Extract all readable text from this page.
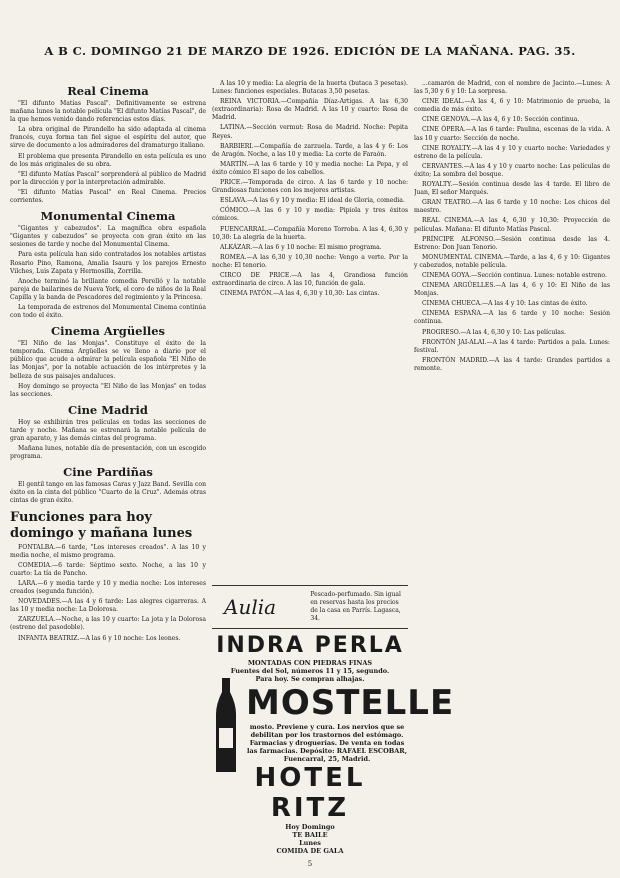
A B C. DOMINGO 21 DE MARZO DE 1926. EDICIÓN DE LA MAÑANA. PAG. 35.
Real Cinema

"El difunto Matías Pascal". Definitivamente se estrena mañana lunes la notable película "El difunto Matías Pascal", de la que hemos venido dando referencias estos días.

La obra original de Pirandello ha sido adaptada al cinema francés, cuya forma tan fiel sigue el espíritu del autor, que sirve de documento a los admiradores del dramaturgo italiano.

El problema que presenta Pirandello en esta película es uno de los más originales de su obra.

"El difunto Matías Pascal" sorprenderá al público de Madrid por la dirección y por la interpretación admirable.

"El difunto Matías Pascal" en Real Cinema. Precios corrientes.

Monumental Cinema

"Gigantes y cabezudos". La magnífica obra española "Gigantes y cabezudos" se proyecta con gran éxito en las sesiones de tarde y noche del Monumental Cinema.

Para esta película han sido contratados los notables artistas Rosario Pino, Ramona, Amalia Isaura y los parejos Ernesto Vilches, Luis Zapata y Hermosilla, Zorrilla.

Anoche terminó la brillante comedia Perelló y la notable pareja de bailarines de Nueva York, el coro de niños de la Real Capilla y la banda de Pescadores del regimiento y la Princesa.

La temporada de estrenos del Monumental Cinema continúa con todo el éxito.

Cinema Argüelles

"El Niño de las Monjas". Constituye el éxito de la temporada. Cinema Argüelles se ve lleno a diario por el público que acude a admirar la película española "El Niño de las Monjas", por la notable actuación de los intérpretes y la belleza de sus paisajes andaluces.

Hoy domingo se proyecta "El Niño de las Monjas" en todas las secciones.

Cine Madrid

Hoy se exhibirán tres películas en todas las secciones de tarde y noche. Mañana se estrenará la notable película de gran aparato, y las demás cintas del programa.

Mañana lunes, notable día de presentación, con un escogido programa.

Cine Pardiñas

El gentil tango en las famosas Caras y Jazz Band. Sevilla con éxito en la cinta del público "Cuarto de la Cruz". Además otras cintas de gran éxito.

Funciones para hoy domingo y mañana lunes

FONTALBA.—6 tarde, "Los intereses creados". A las 10 y media noche, el mismo programa.

COMEDIA.—6 tarde: Séptimo sexto. Noche, a las 10 y cuarto: La tía de Pancho.

LARA.—6 y media tarde y 10 y media noche: Los intereses creados (segunda función).

NOVEDADES.—A las 4 y 6 tarde: Las alegres cigarreras. A las 10 y media noche: La Dolorosa.

ZARZUELA.—Noche, a las 10 y cuarto: La jota y la Dolorosa (estreno del pasodoble).

INFANTA BEATRIZ.—A las 6 y 10 noche: Los leones.

A las 10 y media: La alegría de la huerta (butaca 3 pesetas). Lunes: funciones especiales. Butacas 3,50 pesetas.

REINA VICTORIA.—Compañía Díaz-Artigas. A las 6,30 (extraordinaria): Rosa de Madrid. A las 10 y cuarto: Rosa de Madrid.

LATINA.—Sección vermut: Rosa de Madrid. Noche: Pepita Reyes.

BARBIERI.—Compañía de zarzuela. Tarde, a las 4 y 6: Los de Aragón. Noche, a las 10 y media: La corte de Faraón.

MARTÍN.—A las 6 tarde y 10 y media noche: La Pepa, y el éxito cómico El sapo de los cabellos.

PRICE.—Temporada de circo. A las 6 tarde y 10 noche: Grandiosas funciones con los mejores artistas.

ESLAVA.—A las 6 y 10 y media: El ideal de Gloria, comedia.

CÓMICO.—A las 6 y 10 y media: Pipiola y tres éxitos cómicos.

FUENCARRAL.—Compañía Moreno Torroba. A las 4, 6,30 y 10,30: La alegría de la huerta.

ALKÁZAR.—A las 6 y 10 noche: El mismo programa.

ROMEA.—A las 6,30 y 10,30 noche: Vengo a verte. Por la noche: El tenorio.

CIRCO DE PRICE.—A las 4, Grandiosa función extraordinaria de circo. A las 10, función de gala.

CINEMA PATÓN.—A las 4, 6,30 y 10,30: Las cintas.

Aulia
Pescado-perfumado. Sin igual en reservas hasta los precios de la casa en Parrís. Lagasca, 34.
INDRA PERLA
MONTADAS CON PIEDRAS FINAS
Fuentes del Sol, números 11 y 15, segundo.
Para hoy. Se compran alhajas.
MOSTELLE
mosto. Previene y cura. Los nervios que se debilitan por los trastornos del estómago. Farmacias y droguerías. De venta en todas las farmacias. Depósito: RAFAEL ESCOBAR, Fuencarral, 25, Madrid.
HOTEL RITZ
Hoy Domingo
TE BAILE
Lunes
COMIDA DE GALA

...camarón de Madrid, con el nombre de Jacinto.—Lunes: A las 5,30 y 6 y 10: La sorpresa.

CINE IDEAL.—A las 4, 6 y 10: Matrimonio de prueba, la comedia de más éxito.

CINE GENOVA.—A las 4, 6 y 10: Sección continua.

CINE ÓPERA.—A las 6 tarde: Paulina, escenas de la vida. A las 10 y cuarto: Sección de noche.

CINE ROYALTY.—A las 4 y 10 y cuarto noche: Variedades y estreno de la película.

CERVANTES.—A las 4 y 10 y cuarto noche: Las películas de éxito; La sombra del bosque.

ROYALTY.—Sesión continua desde las 4 tarde. El libro de Juan, El señor Marqués.

GRAN TEATRO.—A las 6 tarde y 10 noche: Los chicos del maestro.

REAL CINEMA.—A las 4, 6,30 y 10,30: Proyección de películas. Mañana: El difunto Matías Pascal.

PRÍNCIPE ALFONSO.—Sesión continua desde las 4. Estreno: Don Juan Tenorio.

MONUMENTAL CINEMA.—Tarde, a las 4, 6 y 10: Gigantes y cabezudos, notable película.

CINEMA GOYA.—Sección continua. Lunes: notable estreno.

CINEMA ARGÜELLES.—A las 4, 6 y 10: El Niño de las Monjas.

CINEMA CHUECA.—A las 4 y 10: Las cintas de éxito.

CINEMA ESPAÑA.—A las 6 tarde y 10 noche: Sesión continua.

PROGRESO.—A las 4, 6,30 y 10: Las películas.

FRONTÓN JAI-ALAI.—A las 4 tarde: Partidos a pala. Lunes: festival.

FRONTÓN MADRID.—A las 4 tarde: Grandes partidos a remonte.

5
